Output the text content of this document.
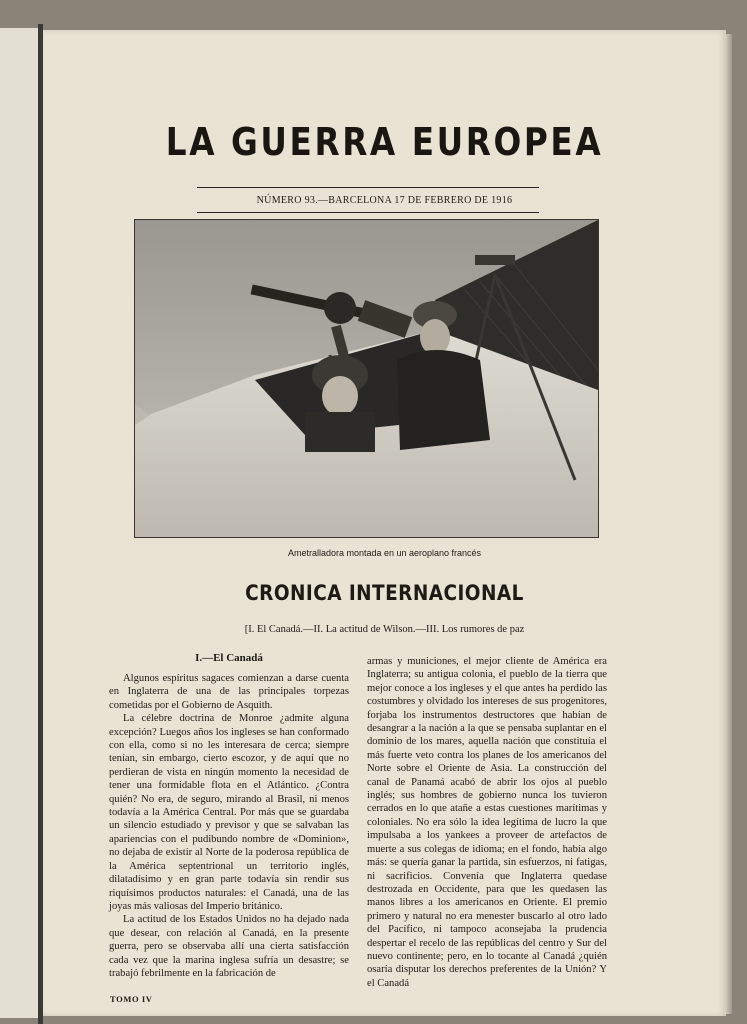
LA GUERRA EUROPEA
NÚMERO 93.—BARCELONA 17 DE FEBRERO DE 1916
Ametralladora montada en un aeroplano francés
CRONICA INTERNACIONAL
[I. El Canadá.—II. La actitud de Wilson.—III. Los rumores de paz
I.—El Canadá

Algunos espíritus sagaces comienzan a darse cuenta en Inglaterra de una de las principales torpezas cometidas por el Gobierno de Asquith.

La célebre doctrina de Monroe ¿admite alguna excepción? Luegos años los ingleses se han conformado con ella, como si no les interesara de cerca; siempre tenían, sin embargo, cierto escozor, y de aquí que no perdieran de vista en ningún momento la necesidad de tener una formidable flota en el Atlántico. ¿Contra quién? No era, de seguro, mirando al Brasil, ni menos todavía a la América Central. Por más que se guardaba un silencio estudiado y previsor y que se salvaban las apariencias con el pudibundo nombre de «Dominion», no dejaba de existir al Norte de la poderosa república de la América septentrional un territorio inglés, dilatadísimo y en gran parte todavía sin rendir sus riquísimos productos naturales: el Canadá, una de las joyas más valiosas del Imperio británico.

La actitud de los Estados Unidos no ha dejado nada que desear, con relación al Canadá, en la presente guerra, pero se observaba allí una cierta satisfacción cada vez que la marina inglesa sufría un desastre; se trabajó febrilmente en la fabricación de

armas y municiones, el mejor cliente de América era Inglaterra; su antigua colonia, el pueblo de la tierra que mejor conoce a los ingleses y el que antes ha perdido las costumbres y olvidado los intereses de sus progenitores, forjaba los instrumentos destructores que habían de desangrar a la nación a la que se pensaba suplantar en el dominio de los mares, aquella nación que constituía el más fuerte veto contra los planes de los americanos del Norte sobre el Oriente de Asia. La construcción del canal de Panamá acabó de abrir los ojos al pueblo inglés; sus hombres de gobierno nunca los tuvieron cerrados en lo que atañe a estas cuestiones marítimas y coloniales. No era sólo la idea legítima de lucro la que impulsaba a los yankees a proveer de artefactos de muerte a sus colegas de idioma; en el fondo, había algo más: se quería ganar la partida, sin esfuerzos, ni fatigas, ni sacrificios. Convenía que Inglaterra quedase destrozada en Occidente, para que les quedasen las manos libres a los americanos en Oriente. El premio primero y natural no era menester buscarlo al otro lado del Pacífico, ni tampoco aconsejaba la prudencia despertar el recelo de las repúblicas del centro y Sur del nuevo continente; pero, en lo tocante al Canadá ¿quién osaría disputar los derechos preferentes de la Unión? Y el Canadá

TOMO IV
